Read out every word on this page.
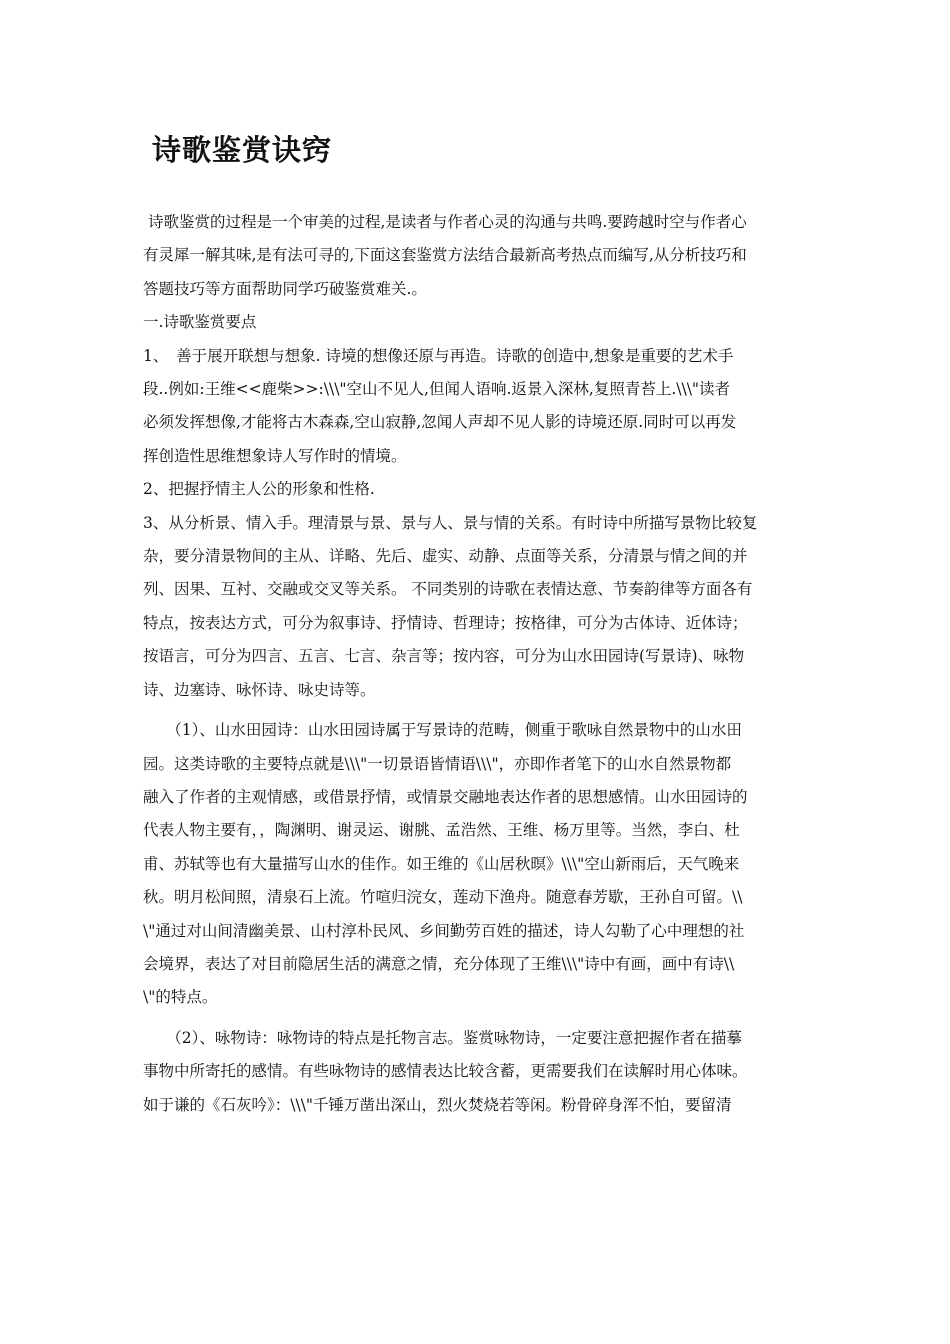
诗歌鉴赏诀窍
诗歌鉴赏的过程是一个审美的过程,是读者与作者心灵的沟通与共鸣.要跨越时空与作者心
有灵犀一解其味,是有法可寻的,下面这套鉴赏方法结合最新高考热点而编写,从分析技巧和
答题技巧等方面帮助同学巧破鉴赏难关.。
一.诗歌鉴赏要点
1、　善于展开联想与想象. 诗境的想像还原与再造。诗歌的创造中,想象是重要的艺术手
段..例如:王维<<鹿柴>>:\\\"空山不见人,但闻人语响.返景入深林,复照青苔上.\\\"读者
必须发挥想像,才能将古木森森,空山寂静,忽闻人声却不见人影的诗境还原.同时可以再发
挥创造性思维想象诗人写作时的情境。
2、把握抒情主人公的形象和性格.
3、从分析景、情入手。理清景与景、景与人、景与情的关系。有时诗中所描写景物比较复
杂，要分清景物间的主从、详略、先后、虚实、动静、点面等关系，分清景与情之间的并
列、因果、互衬、交融或交叉等关系。 不同类别的诗歌在表情达意、节奏韵律等方面各有
特点，按表达方式，可分为叙事诗、抒情诗、哲理诗；按格律，可分为古体诗、近体诗；
按语言，可分为四言、五言、七言、杂言等；按内容，可分为山水田园诗(写景诗)、咏物
诗、边塞诗、咏怀诗、咏史诗等。
　　（1）、山水田园诗：山水田园诗属于写景诗的范畴，侧重于歌咏自然景物中的山水田
园。这类诗歌的主要特点就是\\\"一切景语皆情语\\\"，亦即作者笔下的山水自然景物都
融入了作者的主观情感，或借景抒情，或情景交融地表达作者的思想感情。山水田园诗的
代表人物主要有，，陶渊明、谢灵运、谢朓、孟浩然、王维、杨万里等。当然，李白、杜
甫、苏轼等也有大量描写山水的佳作。如王维的《山居秋暝》\\\"空山新雨后，天气晚来
秋。明月松间照，清泉石上流。竹喧归浣女，莲动下渔舟。随意春芳歇，王孙自可留。\\
\"通过对山间清幽美景、山村淳朴民风、乡间勤劳百姓的描述，诗人勾勒了心中理想的社
会境界，表达了对目前隐居生活的满意之情，充分体现了王维\\\"诗中有画，画中有诗\\
\"的特点。
　　（2）、咏物诗：咏物诗的特点是托物言志。鉴赏咏物诗，一定要注意把握作者在描摹
事物中所寄托的感情。有些咏物诗的感情表达比较含蓄，更需要我们在读解时用心体味。
如于谦的《石灰吟》：\\\"千锤万凿出深山，烈火焚烧若等闲。粉骨碎身浑不怕，要留清
